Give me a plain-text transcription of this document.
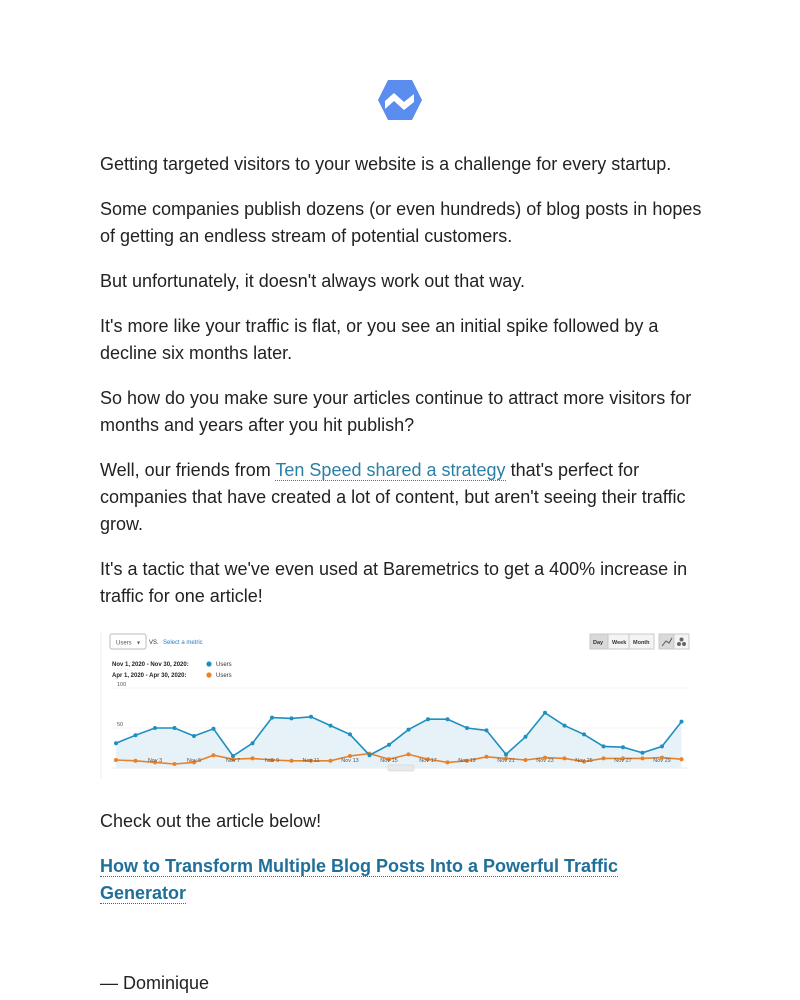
Getting targeted visitors to your website is a challenge for every startup.

Some companies publish dozens (or even hundreds) of blog posts in hopes of getting an endless stream of potential customers.

But unfortunately, it doesn't always work out that way.

It's more like your traffic is flat, or you see an initial spike followed by a decline six months later.

So how do you make sure your articles continue to attract more visitors for months and years after you hit publish?

Well, our friends from Ten Speed shared a strategy that's perfect for companies that have created a lot of content, but aren't seeing their traffic grow.

It's a tactic that we've even used at Baremetrics to get a 400% increase in traffic for one article!

Users ▾ VS. Select a metric	Day Week Month
Nov 1, 2020 - Nov 30, 2020:	Users
Apr 1, 2020 - Apr 30, 2020:	Users
100
50
...	Nov 3	Nov 5	Nov 7	Nov 9	Nov 11	Nov 13	Nov 15	Nov 17	Nov 19	Nov 21	Nov 23	Nov 25	Nov 27	Nov 29

Check out the article below!

How to Transform Multiple Blog Posts Into a Powerful Traffic Generator

— Dominique
